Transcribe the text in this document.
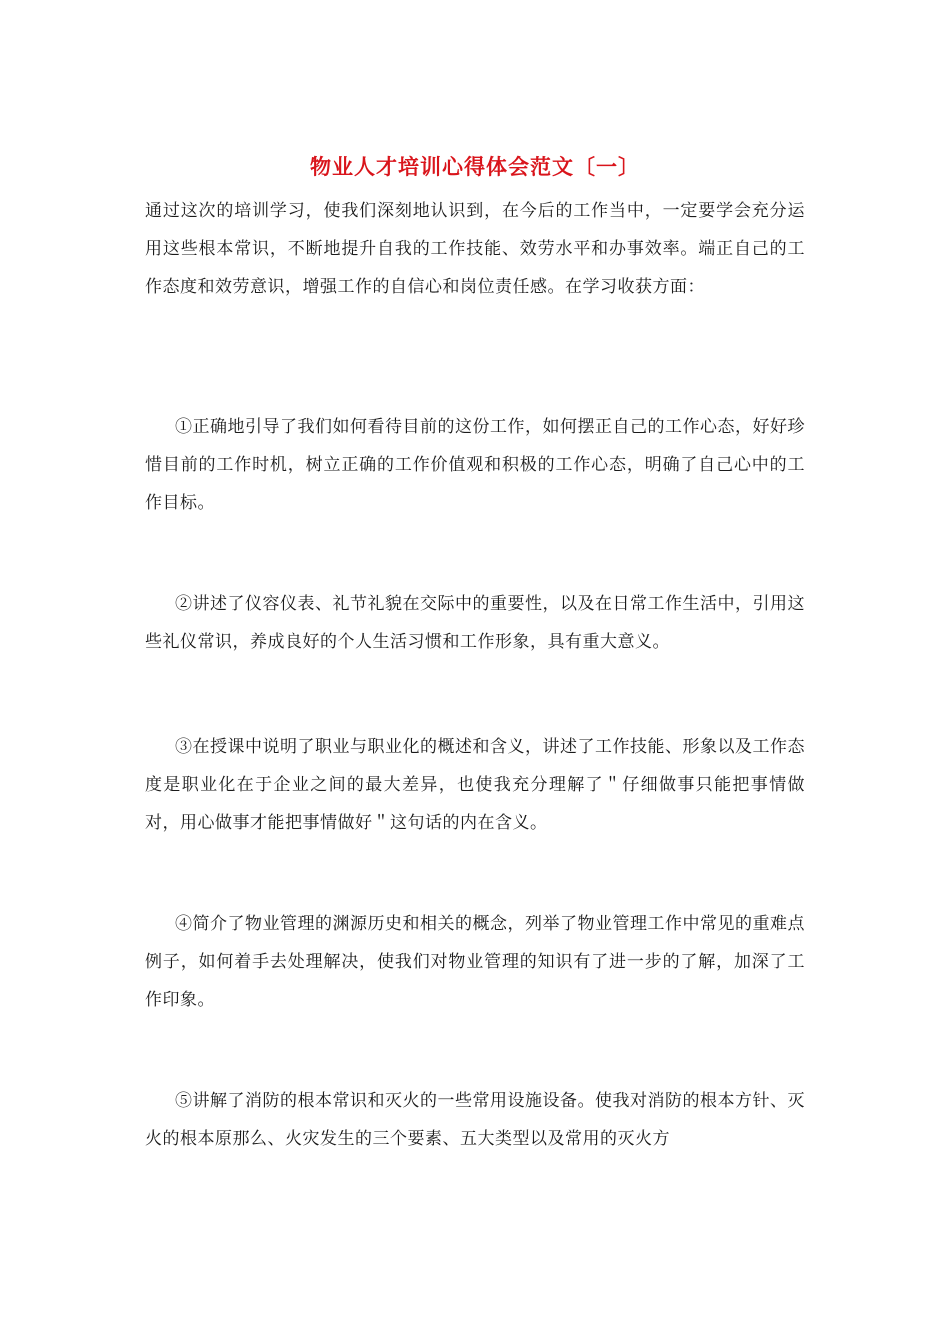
物业人才培训心得体会范文〔一〕

通过这次的培训学习，使我们深刻地认识到，在今后的工作当中，一定要学会充分运用这些根本常识，不断地提升自我的工作技能、效劳水平和办事效率。端正自己的工作态度和效劳意识，增强工作的自信心和岗位责任感。在学习收获方面：

①正确地引导了我们如何看待目前的这份工作，如何摆正自己的工作心态，好好珍惜目前的工作时机，树立正确的工作价值观和积极的工作心态，明确了自己心中的工作目标。

②讲述了仪容仪表、礼节礼貌在交际中的重要性，以及在日常工作生活中，引用这些礼仪常识，养成良好的个人生活习惯和工作形象，具有重大意义。

③在授课中说明了职业与职业化的概述和含义，讲述了工作技能、形象以及工作态度是职业化在于企业之间的最大差异，也使我充分理解了＂仔细做事只能把事情做对，用心做事才能把事情做好＂这句话的内在含义。

④简介了物业管理的渊源历史和相关的概念，列举了物业管理工作中常见的重难点例子，如何着手去处理解决，使我们对物业管理的知识有了进一步的了解，加深了工作印象。

⑤讲解了消防的根本常识和灭火的一些常用设施设备。使我对消防的根本方针、灭火的根本原那么、火灾发生的三个要素、五大类型以及常用的灭火方
